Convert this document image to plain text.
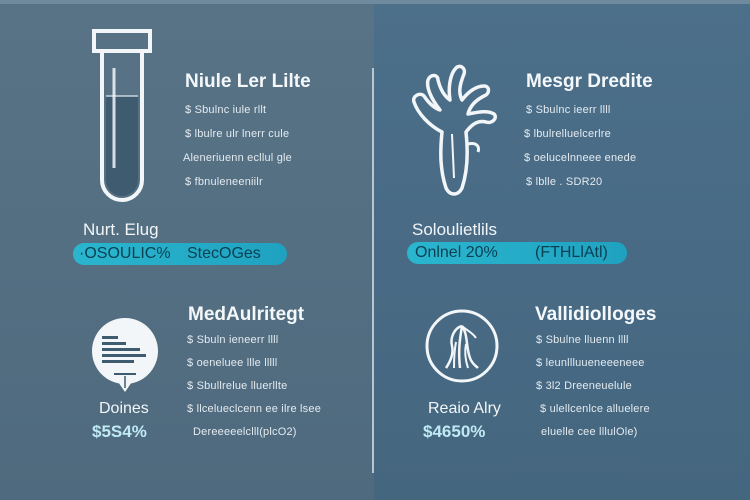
Niule Ler Lilte
$ Sbulnc iule rllt
$ lbulre ulr lnerr cule
Aleneriuenn ecllul gle
$ fbnuleneeniilr
Nurt. Elug
·OSOULIC% StecOGes
Mesgr Dredite
$ Sbulnc ieerr llll
$ lbulrelluelcerlre
$ oelucelnneee enede
$ lblle . SDR20
Soloulietlils
Onlnel 20% (FTHLlAtl)
MedAulritegt
$ Sbuln ieneerr llll
$ oeneluee llle lllll
$ Sbullrelue lluerllte
$ llcelueclcenn ee ilre lsee
Dereeeeelclll(plcO2)
Doines
$5S4%
Vallidiolloges
$ Sbulne lluenn llll
$ leunllluueneeeneee
$ 3l2 Dreeneuelule
$ ulellcenlce alluelere
eluelle cee lllulOle)
Reaio Alry
$4650%
